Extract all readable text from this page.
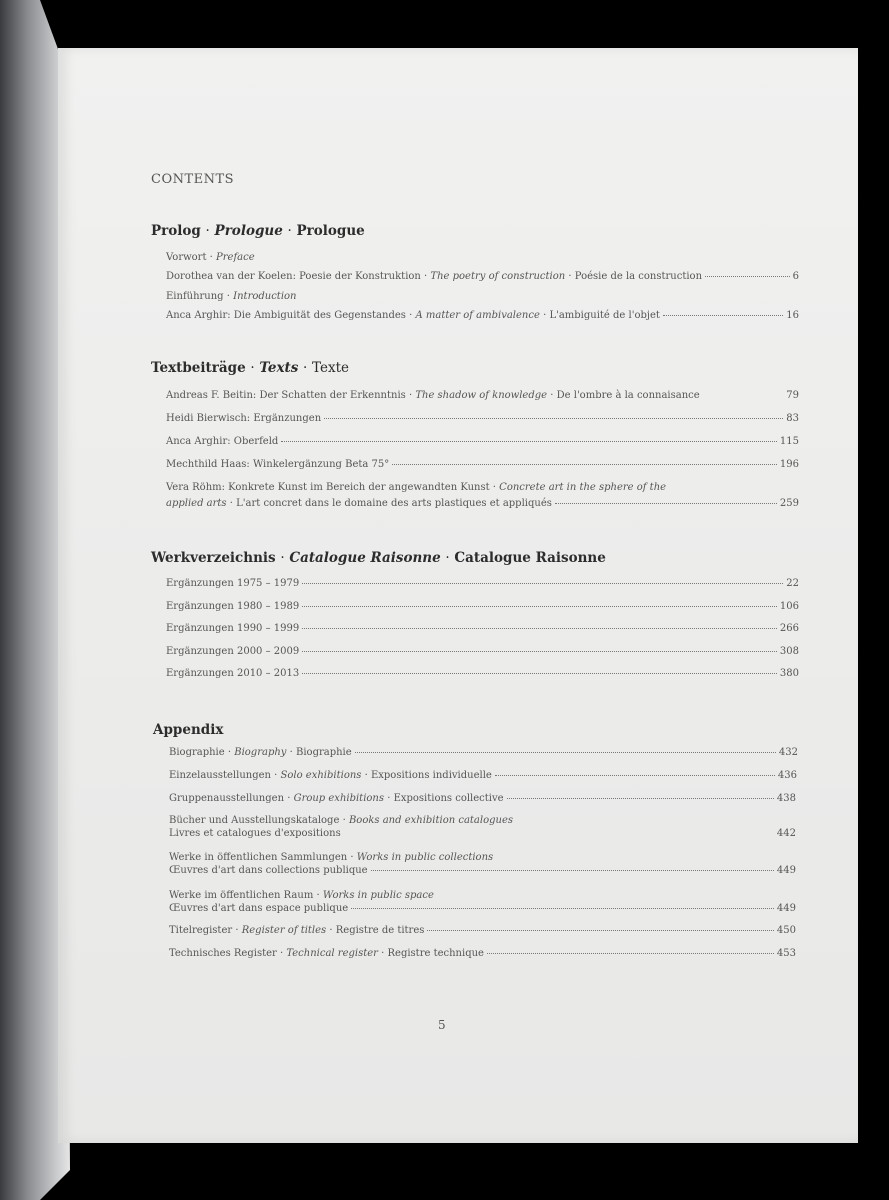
CONTENTS
Prolog · Prologue · Prologue
Vorwort · Preface
Dorothea van der Koelen: Poesie der Konstruktion · The poetry of construction · Poésie de la construction	6
Einführung · Introduction
Anca Arghir: Die Ambiguität des Gegenstandes · A matter of ambivalence · L'ambiguité de l'objet	16
Textbeiträge · Texts · Texte
Andreas F. Beitin: Der Schatten der Erkenntnis · The shadow of knowledge · De l'ombre à la connaisance	79
Heidi Bierwisch: Ergänzungen	83
Anca Arghir: Oberfeld	115
Mechthild Haas: Winkelergänzung Beta 75°	196
Vera Röhm: Konkrete Kunst im Bereich der angewandten Kunst · Concrete art in the sphere of the
applied arts · L'art concret dans le domaine des arts plastiques et appliqués	259
Werkverzeichnis · Catalogue Raisonne · Catalogue Raisonne
Ergänzungen 1975 – 1979	22
Ergänzungen 1980 – 1989	106
Ergänzungen 1990 – 1999	266
Ergänzungen 2000 – 2009	308
Ergänzungen 2010 – 2013	380
Appendix
Biographie · Biography · Biographie	432
Einzelausstellungen · Solo exhibitions · Expositions individuelle	436
Gruppenausstellungen · Group exhibitions · Expositions collective	438
Bücher und Ausstellungskataloge · Books and exhibition catalogues
Livres et catalogues d'expositions	442
Werke in öffentlichen Sammlungen · Works in public collections
Œuvres d'art dans collections publique	449
Werke im öffentlichen Raum · Works in public space
Œuvres d'art dans espace publique	449
Titelregister · Register of titles · Registre de titres	450
Technisches Register · Technical register · Registre technique	453
5
